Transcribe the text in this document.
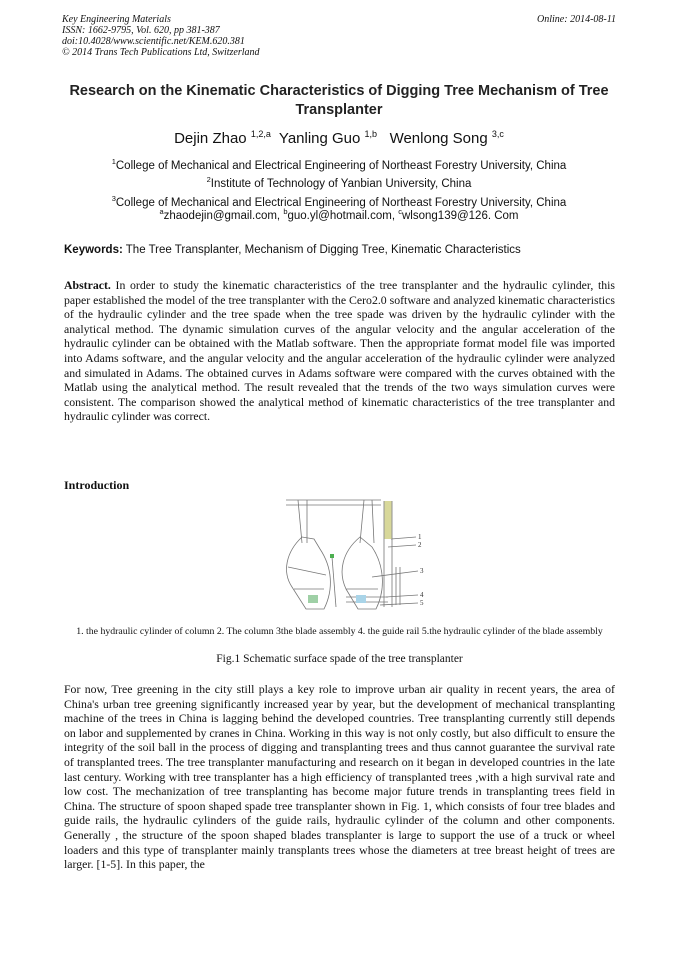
Key Engineering Materials
ISSN: 1662-9795, Vol. 620, pp 381-387
doi:10.4028/www.scientific.net/KEM.620.381
© 2014 Trans Tech Publications Ltd, Switzerland
Online: 2014-08-11
Research on the Kinematic Characteristics of Digging Tree Mechanism of Tree Transplanter
Dejin Zhao $^{1,2,a}$ Yanling Guo $^{1,b}$ Wenlong Song $^{3,c}$
$^1$College of Mechanical and Electrical Engineering of Northeast Forestry University, China
$^2$Institute of Technology of Yanbian University, China
$^3$College of Mechanical and Electrical Engineering of Northeast Forestry University, China
$^a$zhaodejin@gmail.com, $^b$guo.yl@hotmail.com, $^c$wlsong139@126. Com
Keywords: The Tree Transplanter, Mechanism of Digging Tree, Kinematic Characteristics
Abstract. In order to study the kinematic characteristics of the tree transplanter and the hydraulic cylinder, this paper established the model of the tree transplanter with the Cero2.0 software and analyzed kinematic characteristics of the hydraulic cylinder and the tree spade when the tree spade was driven by the hydraulic cylinder with the analytical method. The dynamic simulation curves of the angular velocity and the angular acceleration of the hydraulic cylinder can be obtained with the Matlab software. Then the appropriate format model file was imported into Adams software, and the angular velocity and the angular acceleration of the hydraulic cylinder were analyzed and simulated in Adams. The obtained curves in Adams software were compared with the curves obtained with the Matlab using the analytical method. The result revealed that the trends of the two ways simulation curves were consistent. The comparison showed the analytical method of kinematic characteristics of the tree transplanter and hydraulic cylinder was correct.
Introduction
1
2
3
4
5
1. the hydraulic cylinder of column 2. The column 3the blade assembly 4. the guide rail 5.the hydraulic cylinder of the blade assembly
Fig.1 Schematic surface spade of the tree transplanter
For now, Tree greening in the city still plays a key role to improve urban air quality in recent years, the area of China's urban tree greening significantly increased year by year, but the development of mechanical transplanting machine of the trees in China is lagging behind the developed countries. Tree transplanting currently still depends on labor and supplemented by cranes in China. Working in this way is not only costly, but also difficult to ensure the integrity of the soil ball in the process of digging and transplanting trees and thus cannot guarantee the survival rate of transplanted trees. The tree transplanter manufacturing and research on it began in developed countries in the late last century. Working with tree transplanter has a high efficiency of transplanted trees ,with a high survival rate and low cost. The mechanization of tree transplanting has become major future trends in transplanting trees field in China. The structure of spoon shaped spade tree transplanter shown in Fig. 1, which consists of four tree blades and guide rails, the hydraulic cylinders of the guide rails, hydraulic cylinder of the column and other components. Generally , the structure of the spoon shaped blades transplanter is large to support the use of a truck or wheel loaders and this type of transplanter mainly transplants trees whose the diameters at tree breast height of trees are larger. [1-5]. In this paper, the
